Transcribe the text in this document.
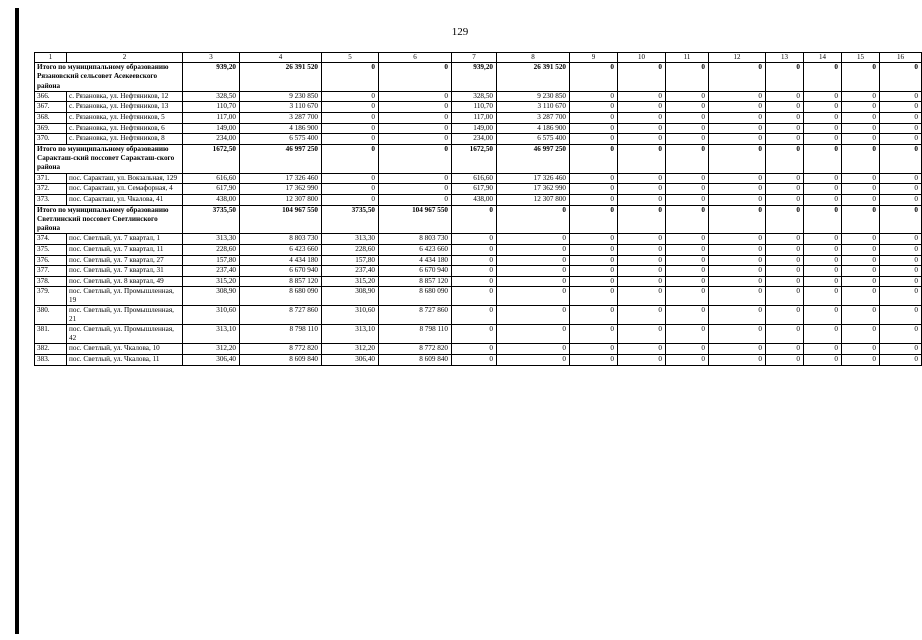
129
1	2	3	4	5	6	7	8	9	10	11	12	13	14	15	16
Итого по муниципальному образованию Рязановский сельсовет Асекеевского района		939,20	26 391 520	0	0	939,20	26 391 520	0	0	0	0	0	0	0	0
366.	с. Рязановка, ул. Нефтяников, 12	328,50	9 230 850	0	0	328,50	9 230 850	0	0	0	0	0	0	0	0
367.	с. Рязановка, ул. Нефтяников, 13	110,70	3 110 670	0	0	110,70	3 110 670	0	0	0	0	0	0	0	0
368.	с. Рязановка, ул. Нефтяников, 5	117,00	3 287 700	0	0	117,00	3 287 700	0	0	0	0	0	0	0	0
369.	с. Рязановка, ул. Нефтяников, 6	149,00	4 186 900	0	0	149,00	4 186 900	0	0	0	0	0	0	0	0
370.	с. Рязановка, ул. Нефтяников, 8	234,00	6 575 400	0	0	234,00	6 575 400	0	0	0	0	0	0	0	0
Итого по муниципальному образованию Саракташ-ский поссовет Саракташ-ского района		1672,50	46 997 250	0	0	1672,50	46 997 250	0	0	0	0	0	0	0	0
371.	пос. Саракташ, ул. Вокзальная, 129	616,60	17 326 460	0	0	616,60	17 326 460	0	0	0	0	0	0	0	0
372.	пос. Саракташ, ул. Семафорная, 4	617,90	17 362 990	0	0	617,90	17 362 990	0	0	0	0	0	0	0	0
373.	пос. Саракташ, ул. Чкалова, 41	438,00	12 307 800	0	0	438,00	12 307 800	0	0	0	0	0	0	0	0
Итого по муниципальному образованию Светлинский поссовет Светлинского района		3735,50	104 967 550	3735,50	104 967 550	0	0	0	0	0	0	0	0	0	0
374.	пос. Светлый, ул. 7 квартал, 1	313,30	8 803 730	313,30	8 803 730	0	0	0	0	0	0	0	0	0	0
375.	пос. Светлый, ул. 7 квартал, 11	228,60	6 423 660	228,60	6 423 660	0	0	0	0	0	0	0	0	0	0
376.	пос. Светлый, ул. 7 квартал, 27	157,80	4 434 180	157,80	4 434 180	0	0	0	0	0	0	0	0	0	0
377.	пос. Светлый, ул. 7 квартал, 31	237,40	6 670 940	237,40	6 670 940	0	0	0	0	0	0	0	0	0	0
378.	пос. Светлый, ул. 8 квартал, 49	315,20	8 857 120	315,20	8 857 120	0	0	0	0	0	0	0	0	0	0
379.	пос. Светлый, ул. Промышленная, 19	308,90	8 680 090	308,90	8 680 090	0	0	0	0	0	0	0	0	0	0
380.	пос. Светлый, ул. Промышленная, 21	310,60	8 727 860	310,60	8 727 860	0	0	0	0	0	0	0	0	0	0
381.	пос. Светлый, ул. Промышленная, 42	313,10	8 798 110	313,10	8 798 110	0	0	0	0	0	0	0	0	0	0
382.	пос. Светлый, ул. Чкалова, 10	312,20	8 772 820	312,20	8 772 820	0	0	0	0	0	0	0	0	0	0
383.	пос. Светлый, ул. Чкалова, 11	306,40	8 609 840	306,40	8 609 840	0	0	0	0	0	0	0	0	0	0
